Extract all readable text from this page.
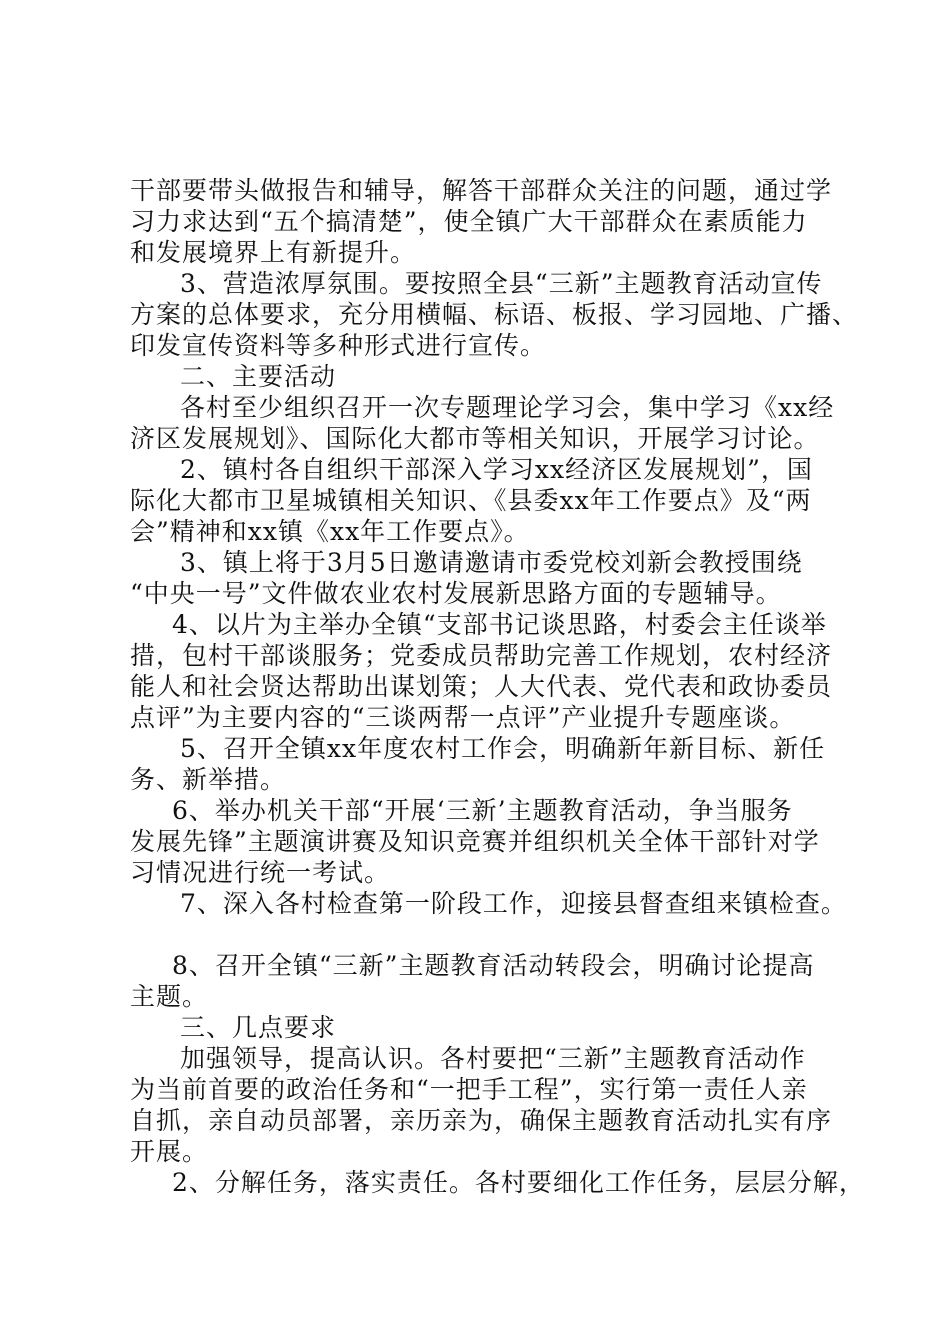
干部要带头做报告和辅导，解答干部群众关注的问题，通过学
习力求达到“五个搞清楚”，使全镇广大干部群众在素质能力
和发展境界上有新提升。
3、营造浓厚氛围。要按照全县“三新”主题教育活动宣传
方案的总体要求，充分用横幅、标语、板报、学习园地、广播、
印发宣传资料等多种形式进行宣传。
二、主要活动
各村至少组织召开一次专题理论学习会，集中学习《xx经
济区发展规划》、国际化大都市等相关知识，开展学习讨论。
2、镇村各自组织干部深入学习xx经济区发展规划”，国
际化大都市卫星城镇相关知识、《县委xx年工作要点》及“两
会”精神和xx镇《xx年工作要点》。
3、镇上将于3月5日邀请邀请市委党校刘新会教授围绕
“中央一号”文件做农业农村发展新思路方面的专题辅导。
4、以片为主举办全镇“支部书记谈思路，村委会主任谈举
措，包村干部谈服务；党委成员帮助完善工作规划，农村经济
能人和社会贤达帮助出谋划策；人大代表、党代表和政协委员
点评”为主要内容的“三谈两帮一点评”产业提升专题座谈。
5、召开全镇xx年度农村工作会，明确新年新目标、新任
务、新举措。
6、举办机关干部“开展‘三新’主题教育活动，争当服务
发展先锋”主题演讲赛及知识竞赛并组织机关全体干部针对学
习情况进行统一考试。
7、深入各村检查第一阶段工作，迎接县督查组来镇检查。
8、召开全镇“三新”主题教育活动转段会，明确讨论提高
主题。
三、几点要求
加强领导，提高认识。各村要把“三新”主题教育活动作
为当前首要的政治任务和“一把手工程”，实行第一责任人亲
自抓，亲自动员部署，亲历亲为，确保主题教育活动扎实有序
开展。
2、分解任务，落实责任。各村要细化工作任务，层层分解，
